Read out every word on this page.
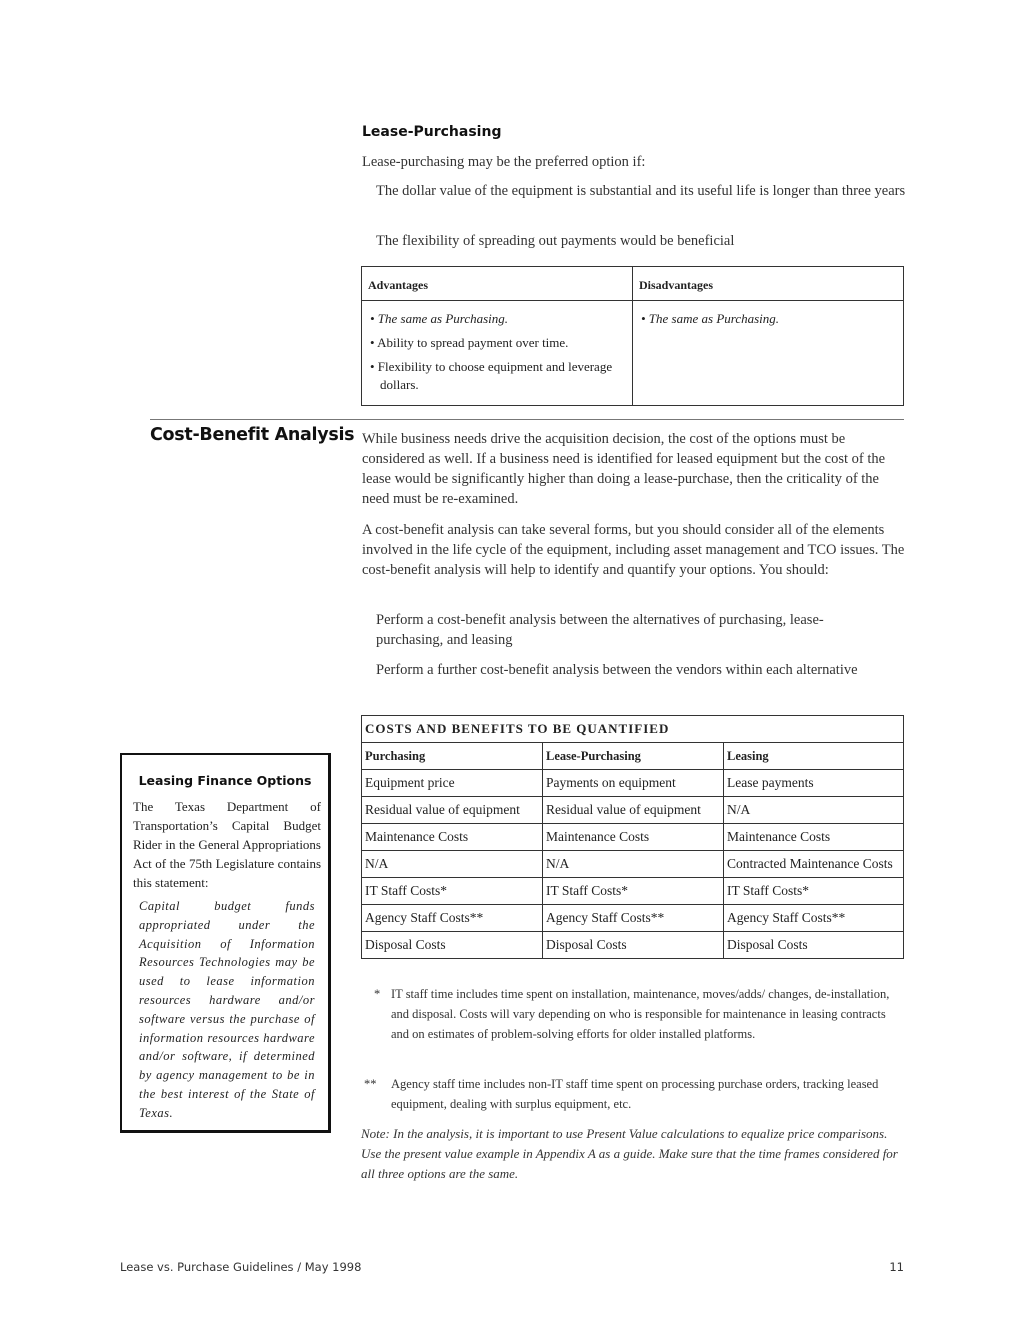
Lease-Purchasing
Lease-purchasing may be the preferred option if:
The dollar value of the equipment is substantial and its useful life is longer than three years
The flexibility of spreading out payments would be beneficial
Advantages	Disadvantages

• The same as Purchasing.
• Ability to spread payment over time.
• Flexibility to choose equipment and leverage dollars.	• The same as Purchasing.
Cost-Benefit Analysis While business needs drive the acquisition decision, the cost of the options must be considered as well. If a business need is identified for leased equipment but the cost of the lease would be significantly higher than doing a lease-purchase, then the criticality of the need must be re-examined.
A cost-benefit analysis can take several forms, but you should consider all of the elements involved in the life cycle of the equipment, including asset management and TCO issues. The cost-benefit analysis will help to identify and quantify your options. You should:
Perform a cost-benefit analysis between the alternatives of purchasing, lease-purchasing, and leasing
Perform a further cost-benefit analysis between the vendors within each alternative
COSTS AND BENEFITS TO BE QUANTIFIED		
Purchasing	Lease-Purchasing	Leasing
Equipment price	Payments on equipment	Lease payments
Residual value of equipment	Residual value of equipment	N/A
Maintenance Costs	Maintenance Costs	Maintenance Costs
N/A	N/A	Contracted Maintenance Costs
IT Staff Costs*	IT Staff Costs*	IT Staff Costs*
Agency Staff Costs**	Agency Staff Costs**	Agency Staff Costs**
Disposal Costs	Disposal Costs	Disposal Costs
* IT staff time includes time spent on installation, maintenance, moves/adds/ changes, de-installation, and disposal. Costs will vary depending on who is responsible for maintenance in leasing contracts and on estimates of problem-solving efforts for older installed platforms.
** Agency staff time includes non-IT staff time spent on processing purchase orders, tracking leased equipment, dealing with surplus equipment, etc.
Note: In the analysis, it is important to use Present Value calculations to equalize price comparisons. Use the present value example in Appendix A as a guide. Make sure that the time frames considered for all three options are the same.
Leasing Finance Options
The Texas Department of Transportation’s Capital Budget Rider in the General Appropriations Act of the 75th Legislature contains this statement:
Capital budget funds appropriated under the Acquisition of Information Resources Technologies may be used to lease information resources hardware and/or software versus the purchase of information resources hardware and/or software, if determined by agency management to be in the best interest of the State of Texas.
Lease vs. Purchase Guidelines / May 1998	11
